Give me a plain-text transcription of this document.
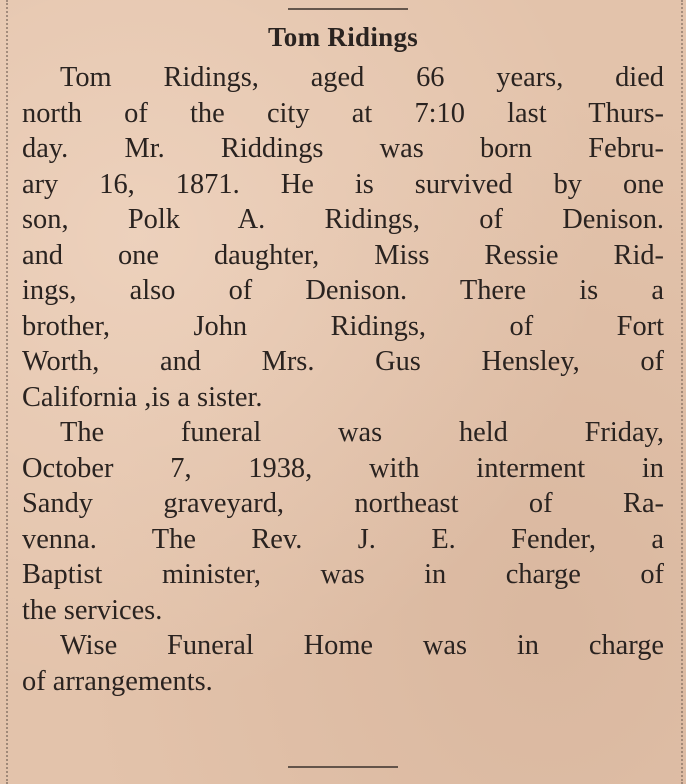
Tom Ridings
Tom Ridings, aged 66 years, died
north of the city at 7:10 last Thurs-
day. Mr. Riddings was born Febru-
ary 16, 1871. He is survived by one
son, Polk A. Ridings, of Denison.
and one daughter, Miss Ressie Rid-
ings, also of Denison. There is a
brother, John Ridings, of Fort
Worth, and Mrs. Gus Hensley, of
California ,is a sister.
The funeral was held Friday,
October 7, 1938, with interment in
Sandy graveyard, northeast of Ra-
venna. The Rev. J. E. Fender, a
Baptist minister, was in charge of
the services.
Wise Funeral Home was in charge
of arrangements.
